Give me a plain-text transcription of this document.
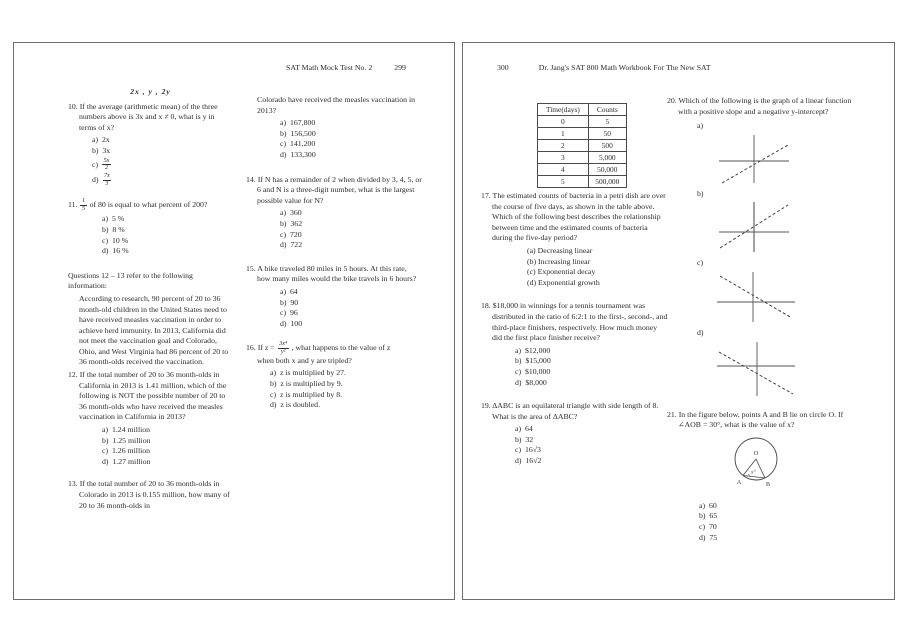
SAT Math Mock Test No. 2	299
2x , y , 2y
10. If the average (arithmetic mean) of the three numbers above is 3x and x ≠ 0, what is y in terms of x?
a)  2x
b)  3x
$c) \frac{5x}{2}$
$d) \frac{7x}{3}$
11. $\frac{1}{5}$ of 80 is equal to what percent of 200?
a)  5 %
b)  8 %
c)  10 %
d)  16 %
Questions 12 – 13 refer to the following information:
According to research, 90 percent of 20 to 36 month-old children in the United States need to have received measles vaccination in order to achieve herd immunity. In 2013, California did not meet the vaccination goal and Colorado, Ohio, and West Virginia had 86 percent of 20 to 36 month-olds received the vaccination.
12. If the total number of 20 to 36 month-olds in California in 2013 is 1.41 million, which of the following is NOT the possible number of 20 to 36 month-olds who have received the measles vaccination in California in 2013?
a)  1.24 million
b)  1.25 million
c)  1.26 million
d)  1.27 million
13. If the total number of 20 to 36 month-olds in Colorado in 2013 is 0.155 million, how many of 20 to 36 month-olds in
Colorado have received the measles vaccination in 2013?
a)  167,800
b)  156,500
c)  141,200
d)  133,300
14. If N has a remainder of 2 when divided by 3, 4, 5, or 6 and N is a three-digit number, what is the largest possible value for N?
a)  360
b)  362
c)  720
d)  722
15. A bike traveled 80 miles in 5 hours. At this rate, how many miles would the bike travels in 6 hours?
a)  64
b)  90
c)  96
d)  100
16. If $z = \frac{\text{3x⁴}}{\text{y²}}$ , what happens to the value of z
when both x and y are tripled?
a)  z is multiplied by 27.
b)  z is multiplied by 9.
c)  z is multiplied by 8.
d)  z is doubled.
300	Dr. Jang's SAT 800 Math Workbook For The New SAT
Time(days)	Counts
0	5
1	50
2	500
3	5,000
4	50,000
5	500,000
17. The estimated counts of bacteria in a petri dish are over the course of five days, as shown in the table above. Which of the following best describes the relationship between time and the estimated counts of bacteria during the five-day period?
(a) Decreasing linear
(b) Increasing linear
(c) Exponential decay
(d) Exponential growth
18. $18,000 in winnings for a tennis tournament was distributed in the ratio of 6:2:1 to the first-, second-, and third-place finishers, respectively. How much money did the first place finisher receive?
a)  $12,000
b)  $15,000
c)  $10,000
d)  $8,000
19. ΔABC is an equilateral triangle with side length of 8. What is the area of ΔABC?
a)  64
b)  32
c)  16√3
d)  16√2
20. Which of the following is the graph of a linear function with a positive slope and a negative y-intercept?
a)
b)
c)
d)
21. In the figure below, points A and B lie on circle O. If ∠AOB = 30°, what is the value of x?
O
A	B
x°
a)  60
b)  65
c)  70
d)  75
